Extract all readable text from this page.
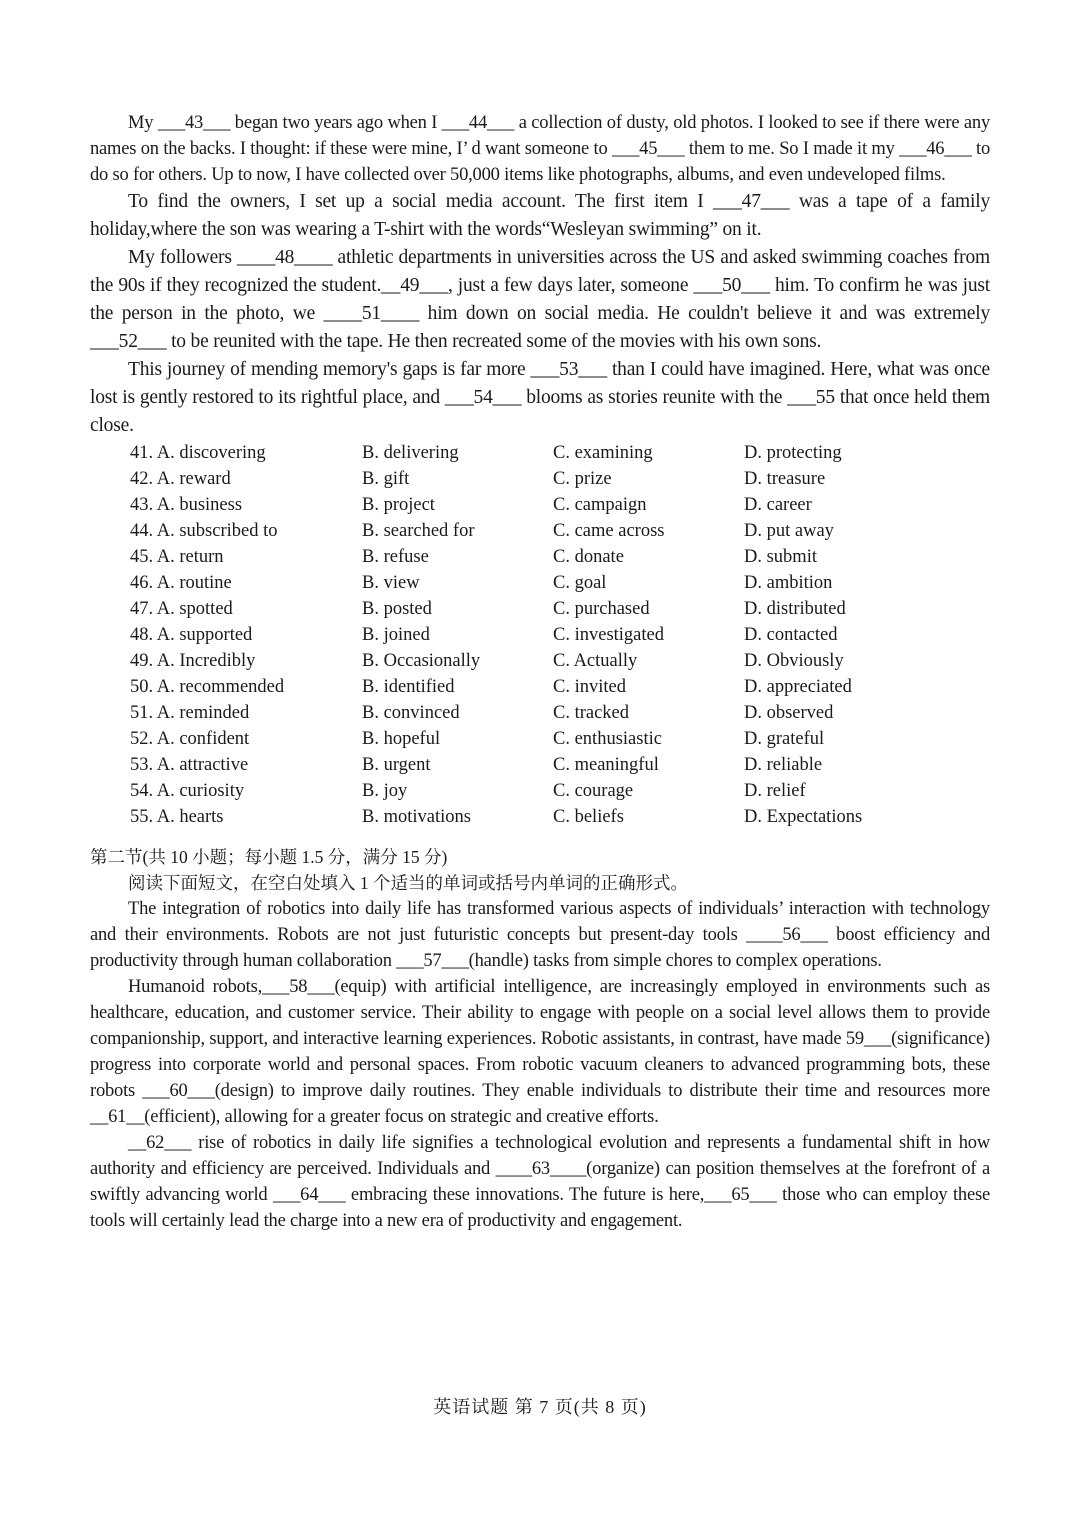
My ___43___ began two years ago when I ___44___ a collection of dusty, old photos. I looked to see if there were any names on the backs. I thought: if these were mine, I’ d want someone to ___45___ them to me. So I made it my ___46___ to do so for others. Up to now, I have collected over 50,000 items like photographs, albums, and even undeveloped films.

To find the owners, I set up a social media account. The first item I ___47___ was a tape of a family holiday,where the son was wearing a T-shirt with the words“Wesleyan swimming” on it.

My followers ____48____ athletic departments in universities across the US and asked swimming coaches from the 90s if they recognized the student.__49___, just a few days later, someone ___50___ him. To confirm he was just the person in the photo, we ____51____ him down on social media. He couldn't believe it and was extremely ___52___ to be reunited with the tape. He then recreated some of the movies with his own sons.

This journey of mending memory's gaps is far more ___53___ than I could have imagined. Here, what was once lost is gently restored to its rightful place, and ___54___ blooms as stories reunite with the ___55 that once held them close.

41. A. discovering	B. delivering	C. examining	D. protecting
42. A. reward	B. gift	C. prize	D. treasure
43. A. business	B. project	C. campaign	D. career
44. A. subscribed to	B. searched for	C. came across	D. put away
45. A. return	B. refuse	C. donate	D. submit
46. A. routine	B. view	C. goal	D. ambition
47. A. spotted	B. posted	C. purchased	D. distributed
48. A. supported	B. joined	C. investigated	D. contacted
49. A. Incredibly	B. Occasionally	C. Actually	D. Obviously
50. A. recommended	B. identified	C. invited	D. appreciated
51. A. reminded	B. convinced	C. tracked	D. observed
52. A. confident	B. hopeful	C. enthusiastic	D. grateful
53. A. attractive	B. urgent	C. meaningful	D. reliable
54. A. curiosity	B. joy	C. courage	D. relief
55. A. hearts	B. motivations	C. beliefs	D. Expectations

第二节(共 10 小题；每小题 1.5 分，满分 15 分)

阅读下面短文，在空白处填入 1 个适当的单词或括号内单词的正确形式。

The integration of robotics into daily life has transformed various aspects of individuals’ interaction with technology and their environments. Robots are not just futuristic concepts but present-day tools ____56___ boost efficiency and productivity through human collaboration ___57___(handle) tasks from simple chores to complex operations.

Humanoid robots,___58___(equip) with artificial intelligence, are increasingly employed in environments such as healthcare, education, and customer service. Their ability to engage with people on a social level allows them to provide companionship, support, and interactive learning experiences. Robotic assistants, in contrast, have made 59___(significance) progress into corporate world and personal spaces. From robotic vacuum cleaners to advanced programming bots, these robots ___60___(design) to improve daily routines. They enable individuals to distribute their time and resources more __61__(efficient), allowing for a greater focus on strategic and creative efforts.

__62___ rise of robotics in daily life signifies a technological evolution and represents a fundamental shift in how authority and efficiency are perceived. Individuals and ____63____(organize) can position themselves at the forefront of a swiftly advancing world ___64___ embracing these innovations. The future is here,___65___ those who can employ these tools will certainly lead the charge into a new era of productivity and engagement.

英语试题 第 7 页(共 8 页)
